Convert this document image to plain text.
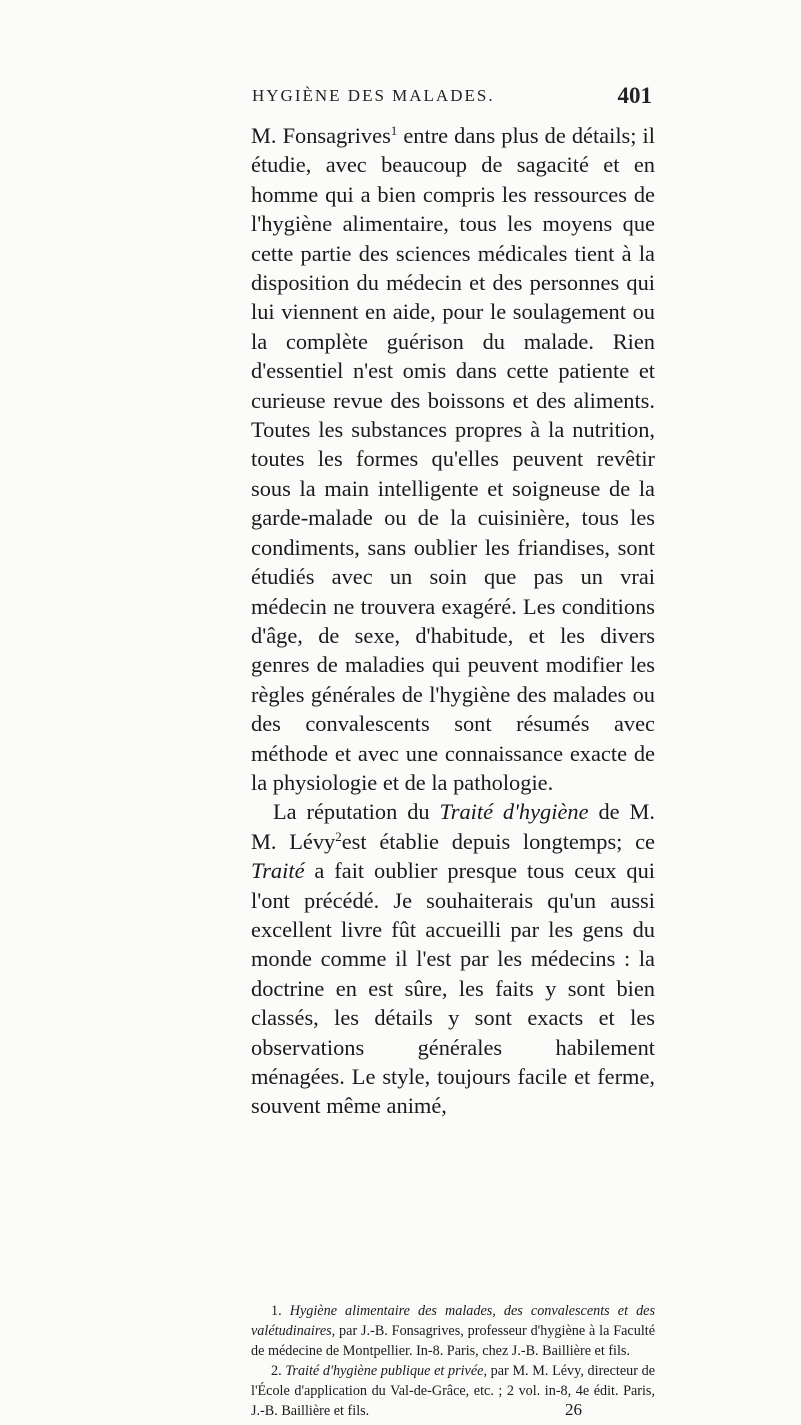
HYGIÈNE DES MALADES.	401

M. Fonsagrives$^1$ entre dans plus de détails; il étudie, avec beaucoup de sagacité et en homme qui a bien compris les ressources de l'hygiène alimentaire, tous les moyens que cette partie des sciences médicales tient à la disposition du médecin et des personnes qui lui viennent en aide, pour le soulagement ou la complète guérison du malade. Rien d'essentiel n'est omis dans cette patiente et curieuse revue des boissons et des aliments. Toutes les substances propres à la nutrition, toutes les formes qu'elles peuvent revêtir sous la main intelligente et soigneuse de la garde-malade ou de la cuisinière, tous les condiments, sans oublier les friandises, sont étudiés avec un soin que pas un vrai médecin ne trouvera exagéré. Les conditions d'âge, de sexe, d'habitude, et les divers genres de maladies qui peuvent modifier les règles générales de l'hygiène des malades ou des convalescents sont résumés avec méthode et avec une connaissance exacte de la physiologie et de la pathologie.

La réputation du Traité d'hygiène de M. M. Lévy$^2$est établie depuis longtemps; ce Traité a fait oublier presque tous ceux qui l'ont précédé. Je souhaiterais qu'un aussi excellent livre fût accueilli par les gens du monde comme il l'est par les médecins : la doctrine en est sûre, les faits y sont bien classés, les détails y sont exacts et les observations générales habilement ménagées. Le style, toujours facile et ferme, souvent même animé,

1. Hygiène alimentaire des malades, des convalescents et des valétudinaires, par J.-B. Fonsagrives, professeur d'hygiène à la Faculté de médecine de Montpellier. In-8. Paris, chez J.-B. Baillière et fils.

2. Traité d'hygiène publique et privée, par M. M. Lévy, directeur de l'École d'application du Val-de-Grâce, etc. ; 2 vol. in-8, 4e édit. Paris, J.-B. Baillière et fils.	26
